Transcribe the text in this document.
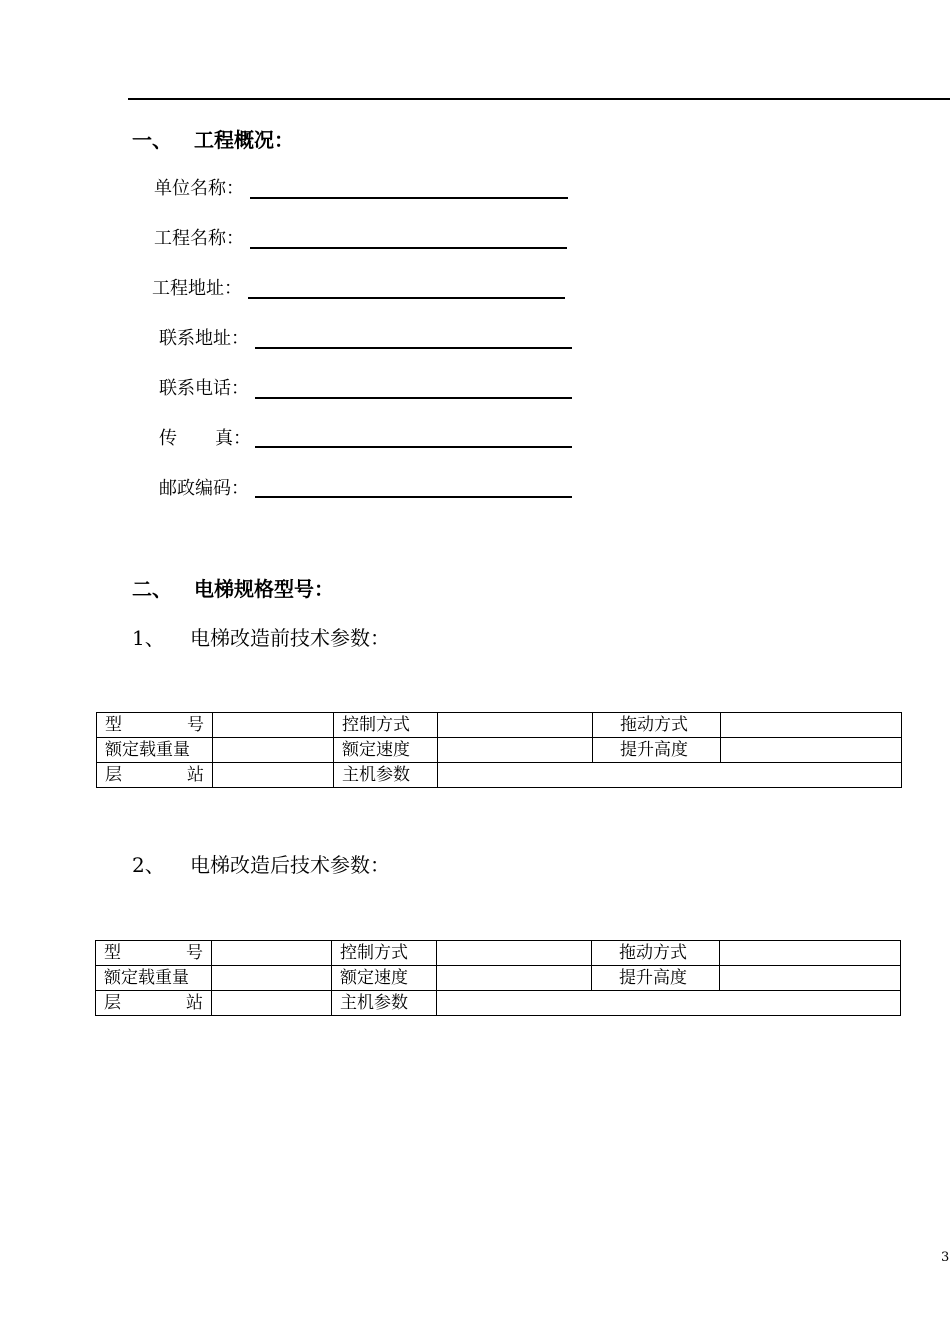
一、 工程概况：
单位名称：
工程名称：
工程地址：
联系地址：
联系电话：
传 真：
邮政编码：
二、 电梯规格型号：
1、 电梯改造前技术参数：
型 号		控制方式		拖动方式	
额定载重量		额定速度		提升高度	

层 站		主机参数			
2、 电梯改造后技术参数：
型 号		控制方式		拖动方式	
额定载重量		额定速度		提升高度	

层 站		主机参数			
3
